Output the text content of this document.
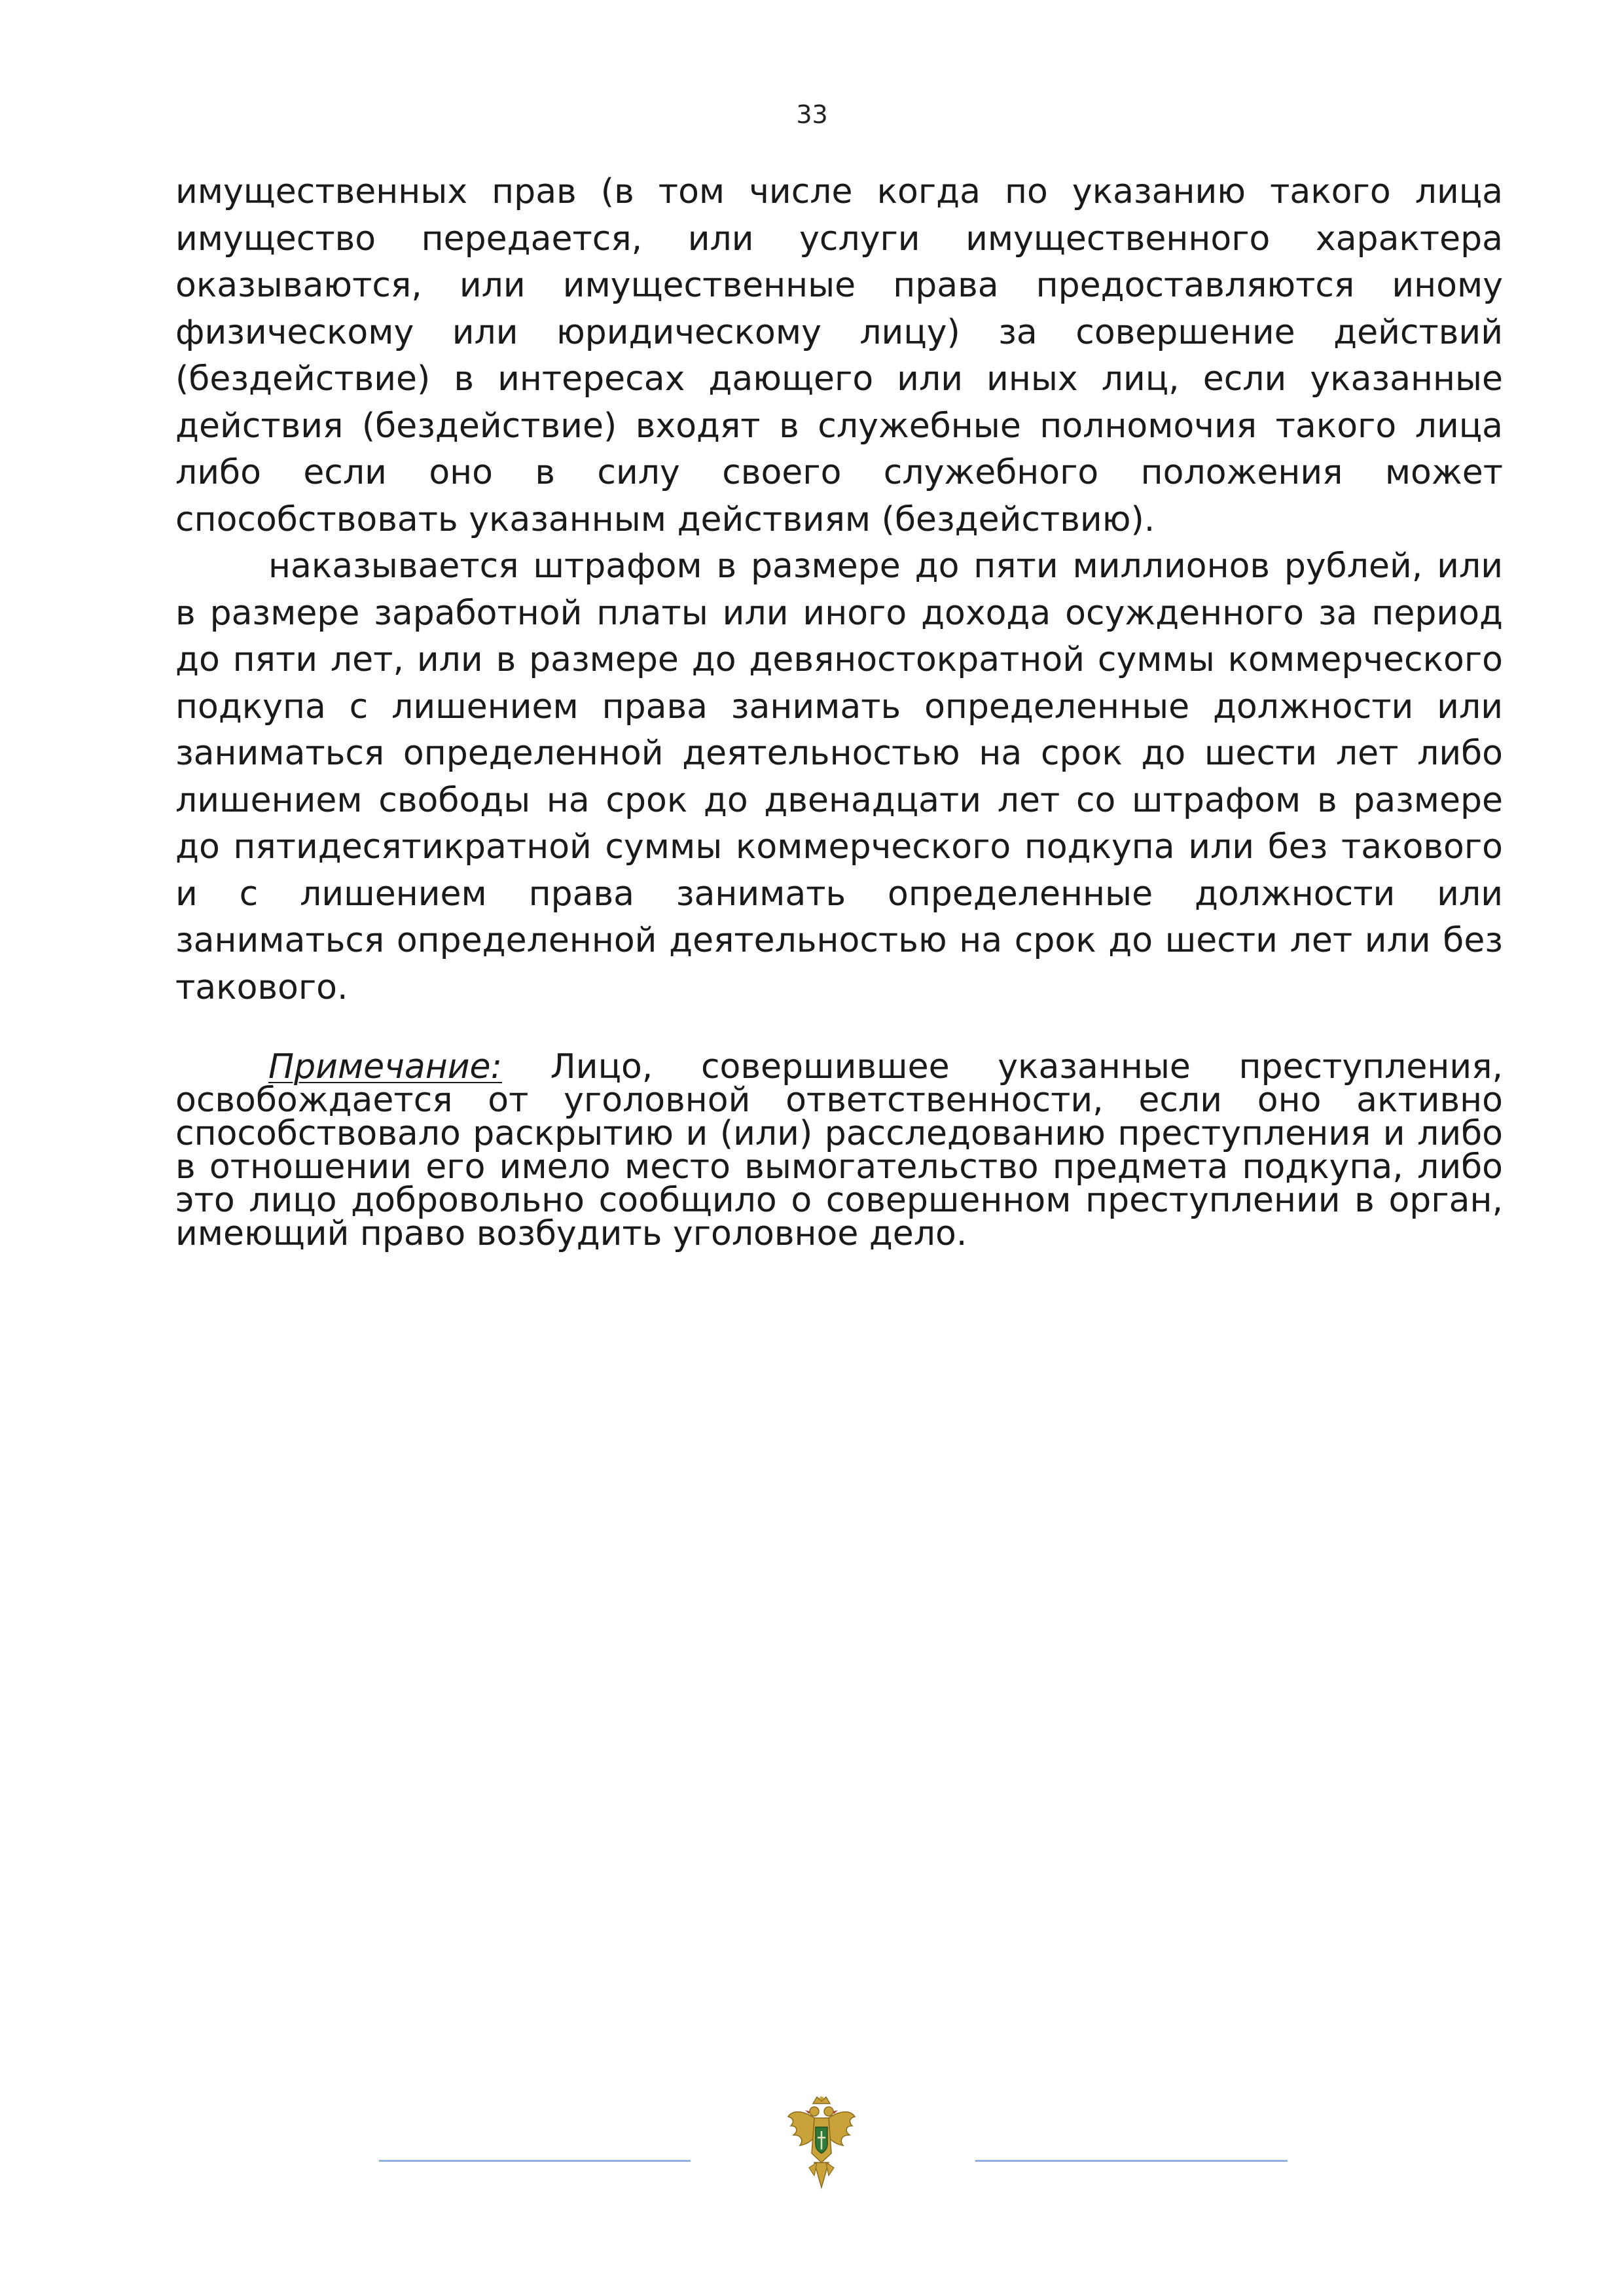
33

имущественных прав (в том числе когда по указанию такого лица имущество передается, или услуги имущественного характера оказываются, или имущественные права предоставляются иному физическому или юридическому лицу) за совершение действий (бездействие) в интересах дающего или иных лиц, если указанные действия (бездействие) входят в служебные полномочия такого лица либо если оно в силу своего служебного положения может способствовать указанным действиям (бездействию).

наказывается штрафом в размере до пяти миллионов рублей, или в размере заработной платы или иного дохода осужденного за период до пяти лет, или в размере до девяностократной суммы коммерческого подкупа с лишением права занимать определенные должности или заниматься определенной деятельностью на срок до шести лет либо лишением свободы на срок до двенадцати лет со штрафом в размере до пятидесятикратной суммы коммерческого подкупа или без такового и с лишением права занимать определенные должности или заниматься определенной деятельностью на срок до шести лет или без такового.

Примечание: Лицо, совершившее указанные преступления, освобождается от уголовной ответственности, если оно активно способствовало раскрытию и (или) расследованию преступления и либо в отношении его имело место вымогательство предмета подкупа, либо это лицо добровольно сообщило о совершенном преступлении в орган, имеющий право возбудить уголовное дело.
